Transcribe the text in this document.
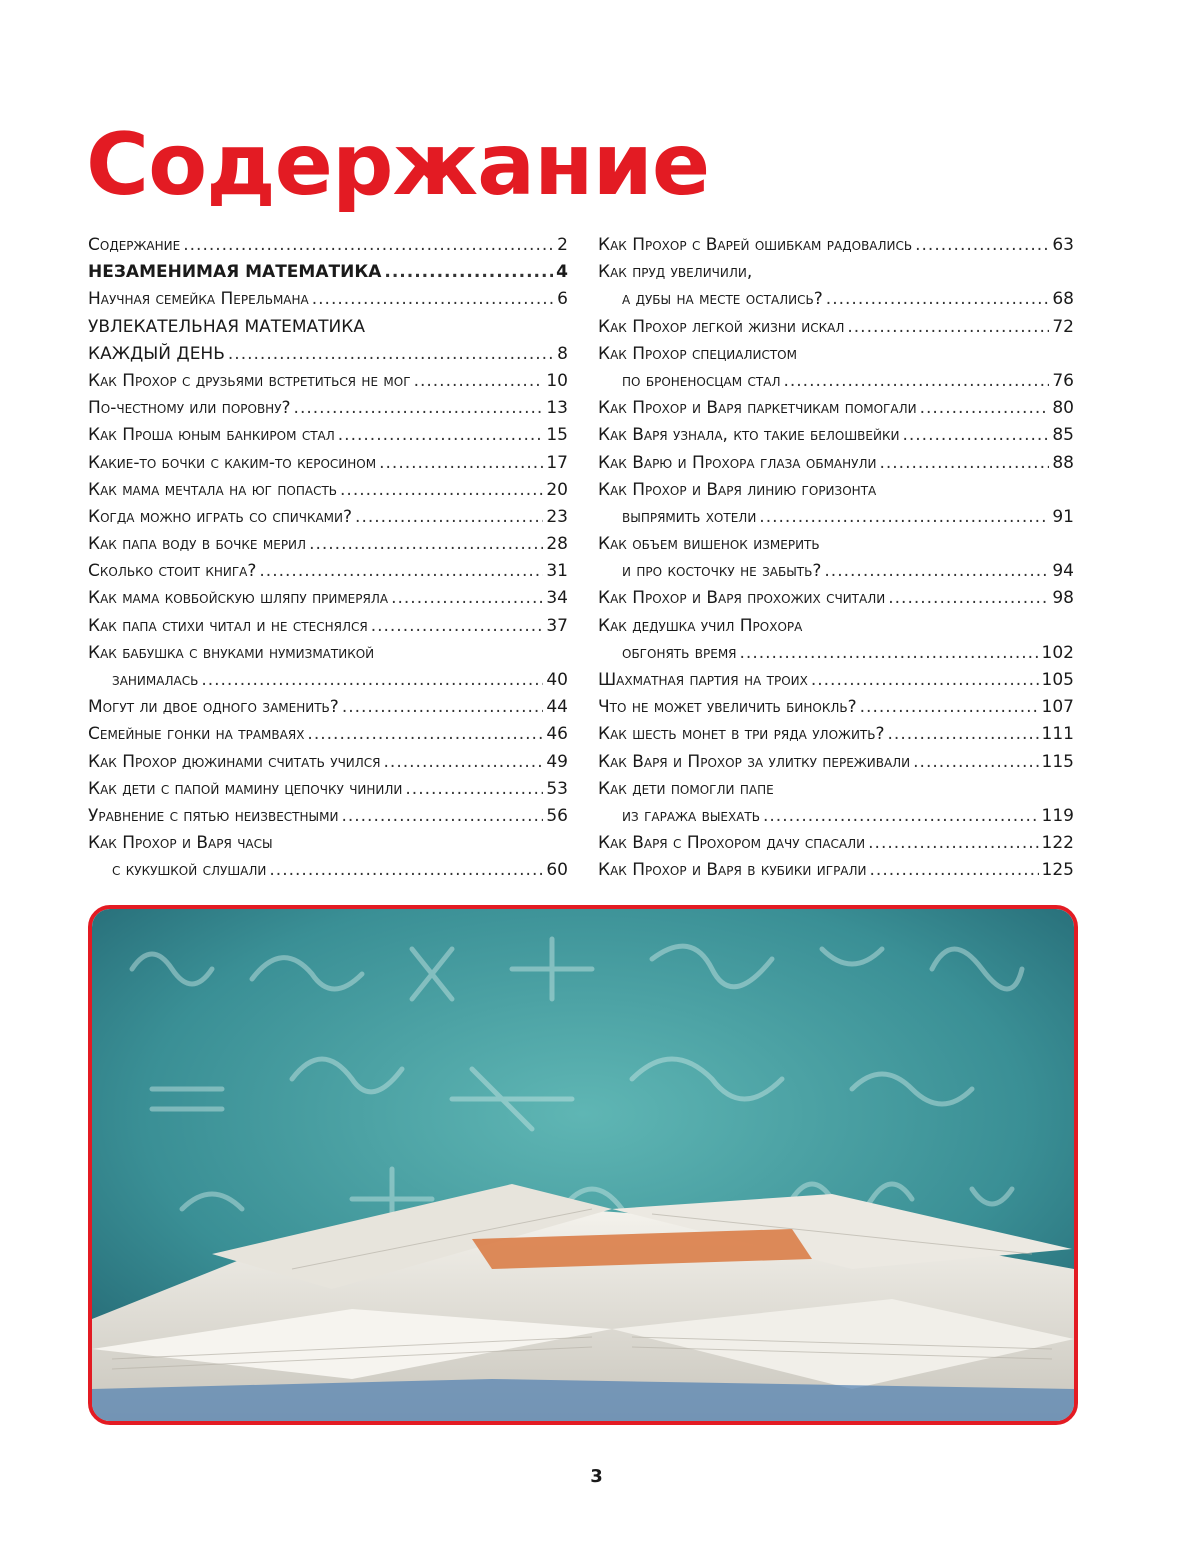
Содержание
Содержание .....	2
НЕЗАМЕНИМАЯ МАТЕМАТИКА .....	4
Научная семейка Перельмана .....	6
УВЛЕКАТЕЛЬНАЯ МАТЕМАТИКА
КАЖДЫЙ ДЕНЬ .....	8
Как Прохор с друзьями встретиться не мог .....	10
По-честному или поровну? .....	13
Как Проша юным банкиром стал .....	15
Какие-то бочки с каким-то керосином .....	17
Как мама мечтала на юг попасть .....	20
Когда можно играть со спичками? .....	23
Как папа воду в бочке мерил .....	28
Сколько стоит книга? .....	31
Как мама ковбойскую шляпу примеряла .....	34
Как папа стихи читал и не стеснялся .....	37
Как бабушка с внуками нумизматикой
занималась .....	40
Могут ли двое одного заменить? .....	44
Семейные гонки на трамваях .....	46
Как Прохор дюжинами считать учился .....	49
Как дети с папой мамину цепочку чинили .....	53
Уравнение с пятью неизвестными .....	56
Как Прохор и Варя часы
с кукушкой слушали .....	60
Как Прохор с Варей ошибкам радовались .....	63
Как пруд увеличили,
а дубы на месте остались? .....	68
Как Прохор легкой жизни искал .....	72
Как Прохор специалистом
по броненосцам стал .....	76
Как Прохор и Варя паркетчикам помогали .....	80
Как Варя узнала, кто такие белошвейки .....	85
Как Варю и Прохора глаза обманули .....	88
Как Прохор и Варя линию горизонта
выпрямить хотели .....	91
Как объем вишенок измерить
и про косточку не забыть? .....	94
Как Прохор и Варя прохожих считали .....	98
Как дедушка учил Прохора
обгонять время .....	102
Шахматная партия на троих .....	105
Что не может увеличить бинокль? .....	107
Как шесть монет в три ряда уложить? .....	111
Как Варя и Прохор за улитку переживали .....	115
Как дети помогли папе
из гаража выехать .....	119
Как Варя с Прохором дачу спасали .....	122
Как Прохор и Варя в кубики играли .....	125
3
